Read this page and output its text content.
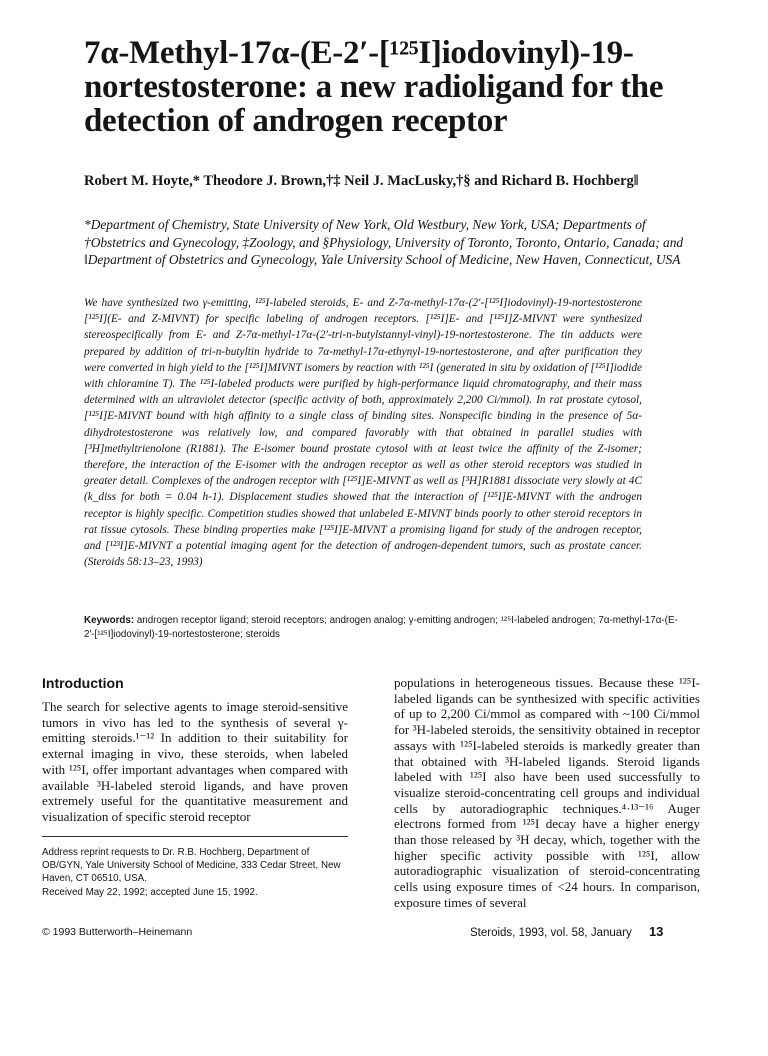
7α-Methyl-17α-(E-2′-[¹²⁵I]iodovinyl)-19-nortestosterone: a new radioligand for the detection of androgen receptor

Robert M. Hoyte,* Theodore J. Brown,†‡ Neil J. MacLusky,†§ and Richard B. Hochberg‖

*Department of Chemistry, State University of New York, Old Westbury, New York, USA; Departments of †Obstetrics and Gynecology, ‡Zoology, and §Physiology, University of Toronto, Toronto, Ontario, Canada; and ‖Department of Obstetrics and Gynecology, Yale University School of Medicine, New Haven, Connecticut, USA

We have synthesized two γ-emitting, ¹²⁵I-labeled steroids, E- and Z-7α-methyl-17α-(2′-[¹²⁵I]iodovinyl)-19-nortestosterone [¹²⁵I](E- and Z-MIVNT) for specific labeling of androgen receptors. [¹²⁵I]E- and [¹²⁵I]Z-MIVNT were synthesized stereospecifically from E- and Z-7α-methyl-17α-(2′-tri-n-butylstannyl-vinyl)-19-nortestosterone. The tin adducts were prepared by addition of tri-n-butyltin hydride to 7α-methyl-17α-ethynyl-19-nortestosterone, and after purification they were converted in high yield to the [¹²⁵I]MIVNT isomers by reaction with ¹²⁵I (generated in situ by oxidation of [¹²⁵I]iodide with chloramine T). The ¹²⁵I-labeled products were purified by high-performance liquid chromatography, and their mass determined with an ultraviolet detector (specific activity of both, approximately 2,200 Ci/mmol). In rat prostate cytosol, [¹²⁵I]E-MIVNT bound with high affinity to a single class of binding sites. Nonspecific binding in the presence of 5α-dihydrotestosterone was relatively low, and compared favorably with that obtained in parallel studies with [³H]methyltrienolone (R1881). The E-isomer bound prostate cytosol with at least twice the affinity of the Z-isomer; therefore, the interaction of the E-isomer with the androgen receptor as well as other steroid receptors was studied in greater detail. Complexes of the androgen receptor with [¹²⁵I]E-MIVNT as well as [³H]R1881 dissociate very slowly at 4C (k_diss for both = 0.04 h-1). Displacement studies showed that the interaction of [¹²⁵I]E-MIVNT with the androgen receptor is highly specific. Competition studies showed that unlabeled E-MIVNT binds poorly to other steroid receptors in rat tissue cytosols. These binding properties make [¹²⁵I]E-MIVNT a promising ligand for study of the androgen receptor, and [¹²³I]E-MIVNT a potential imaging agent for the detection of androgen-dependent tumors, such as prostate cancer. (Steroids 58:13–23, 1993)

Keywords: androgen receptor ligand; steroid receptors; androgen analog; γ-emitting androgen; ¹²⁵I-labeled androgen; 7α-methyl-17α-(E-2′-[¹²⁵I]iodovinyl)-19-nortestosterone; steroids

Introduction

The search for selective agents to image steroid-sensitive tumors in vivo has led to the synthesis of several γ-emitting steroids.¹⁻¹² In addition to their suitability for external imaging in vivo, these steroids, when labeled with ¹²⁵I, offer important advantages when compared with available ³H-labeled steroid ligands, and have proven extremely useful for the quantitative measurement and visualization of specific steroid receptor

populations in heterogeneous tissues. Because these ¹²⁵I-labeled ligands can be synthesized with specific activities of up to 2,200 Ci/mmol as compared with ~100 Ci/mmol for ³H-labeled steroids, the sensitivity obtained in receptor assays with ¹²⁵I-labeled steroids is markedly greater than that obtained with ³H-labeled ligands. Steroid ligands labeled with ¹²⁵I also have been used successfully to visualize steroid-concentrating cell groups and individual cells by autoradiographic techniques.⁴·¹³⁻¹⁶ Auger electrons formed from ¹²⁵I decay have a higher energy than those released by ³H decay, which, together with the higher specific activity possible with ¹²⁵I, allow autoradiographic visualization of steroid-concentrating cells using exposure times of <24 hours. In comparison, exposure times of several

Address reprint requests to Dr. R.B. Hochberg, Department of OB/GYN, Yale University School of Medicine, 333 Cedar Street, New Haven, CT 06510, USA.
Received May 22, 1992; accepted June 15, 1992.

© 1993 Butterworth–Heinemann	Steroids, 1993, vol. 58, January 13
